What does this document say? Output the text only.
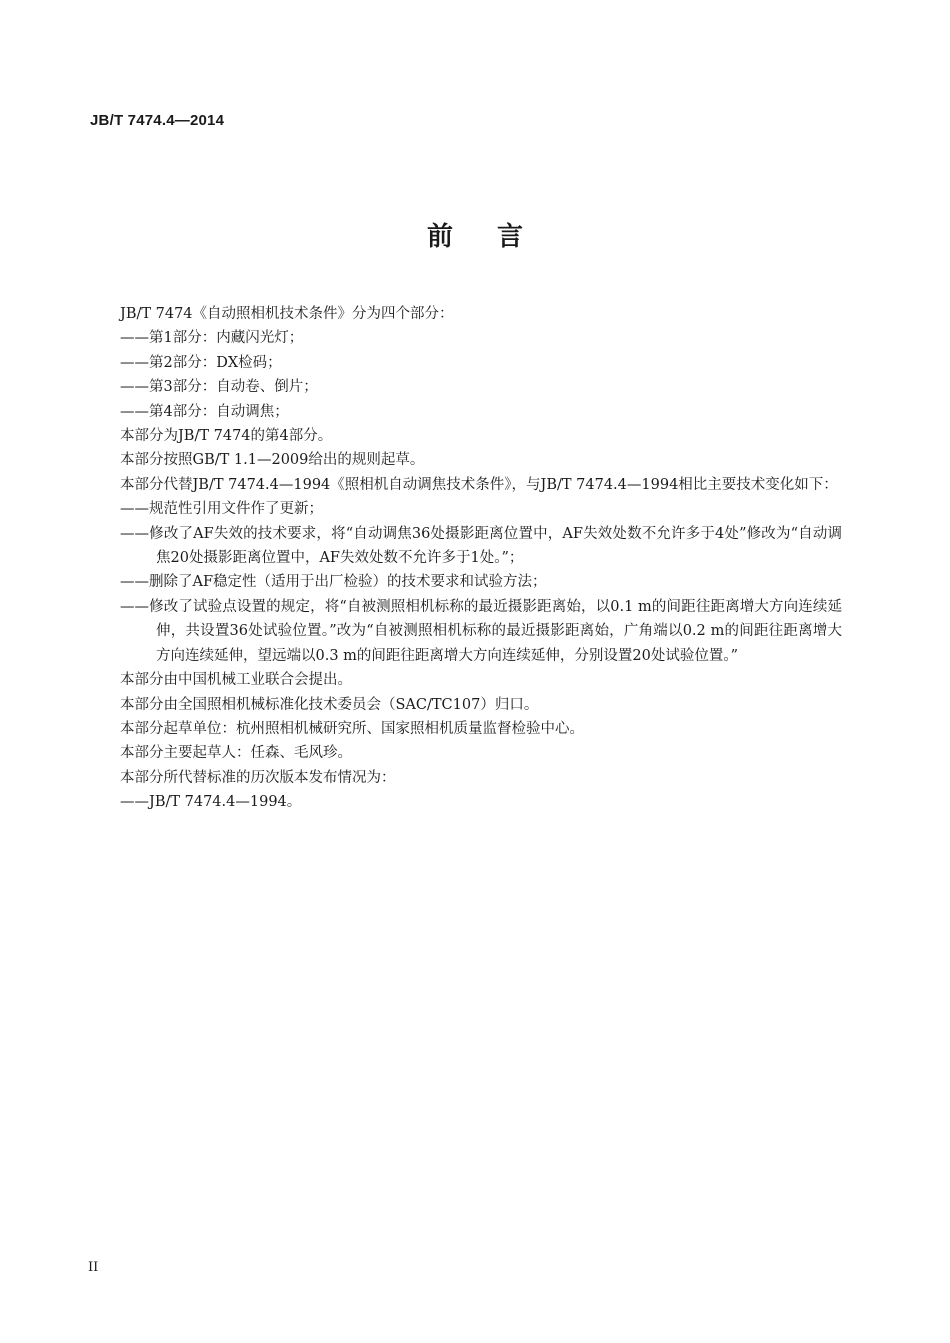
JB/T 7474.4—2014
前言

JB/T 7474《自动照相机技术条件》分为四个部分：

——第1部分：内藏闪光灯；

——第2部分：DX检码；

——第3部分：自动卷、倒片；

——第4部分：自动调焦；

本部分为JB/T 7474的第4部分。

本部分按照GB/T 1.1—2009给出的规则起草。

本部分代替JB/T 7474.4—1994《照相机自动调焦技术条件》，与JB/T 7474.4—1994相比主要技术变化如下：

——规范性引用文件作了更新；

——修改了AF失效的技术要求，将“自动调焦36处摄影距离位置中，AF失效处数不允许多于4处”修改为“自动调焦20处摄影距离位置中，AF失效处数不允许多于1处。”；

——删除了AF稳定性（适用于出厂检验）的技术要求和试验方法；

——修改了试验点设置的规定，将“自被测照相机标称的最近摄影距离始，以0.1 m的间距往距离增大方向连续延伸，共设置36处试验位置。”改为“自被测照相机标称的最近摄影距离始，广角端以0.2 m的间距往距离增大方向连续延伸，望远端以0.3 m的间距往距离增大方向连续延伸，分别设置20处试验位置。”

本部分由中国机械工业联合会提出。

本部分由全国照相机械标准化技术委员会（SAC/TC107）归口。

本部分起草单位：杭州照相机械研究所、国家照相机质量监督检验中心。

本部分主要起草人：任森、毛风珍。

本部分所代替标准的历次版本发布情况为：

——JB/T 7474.4—1994。

II
